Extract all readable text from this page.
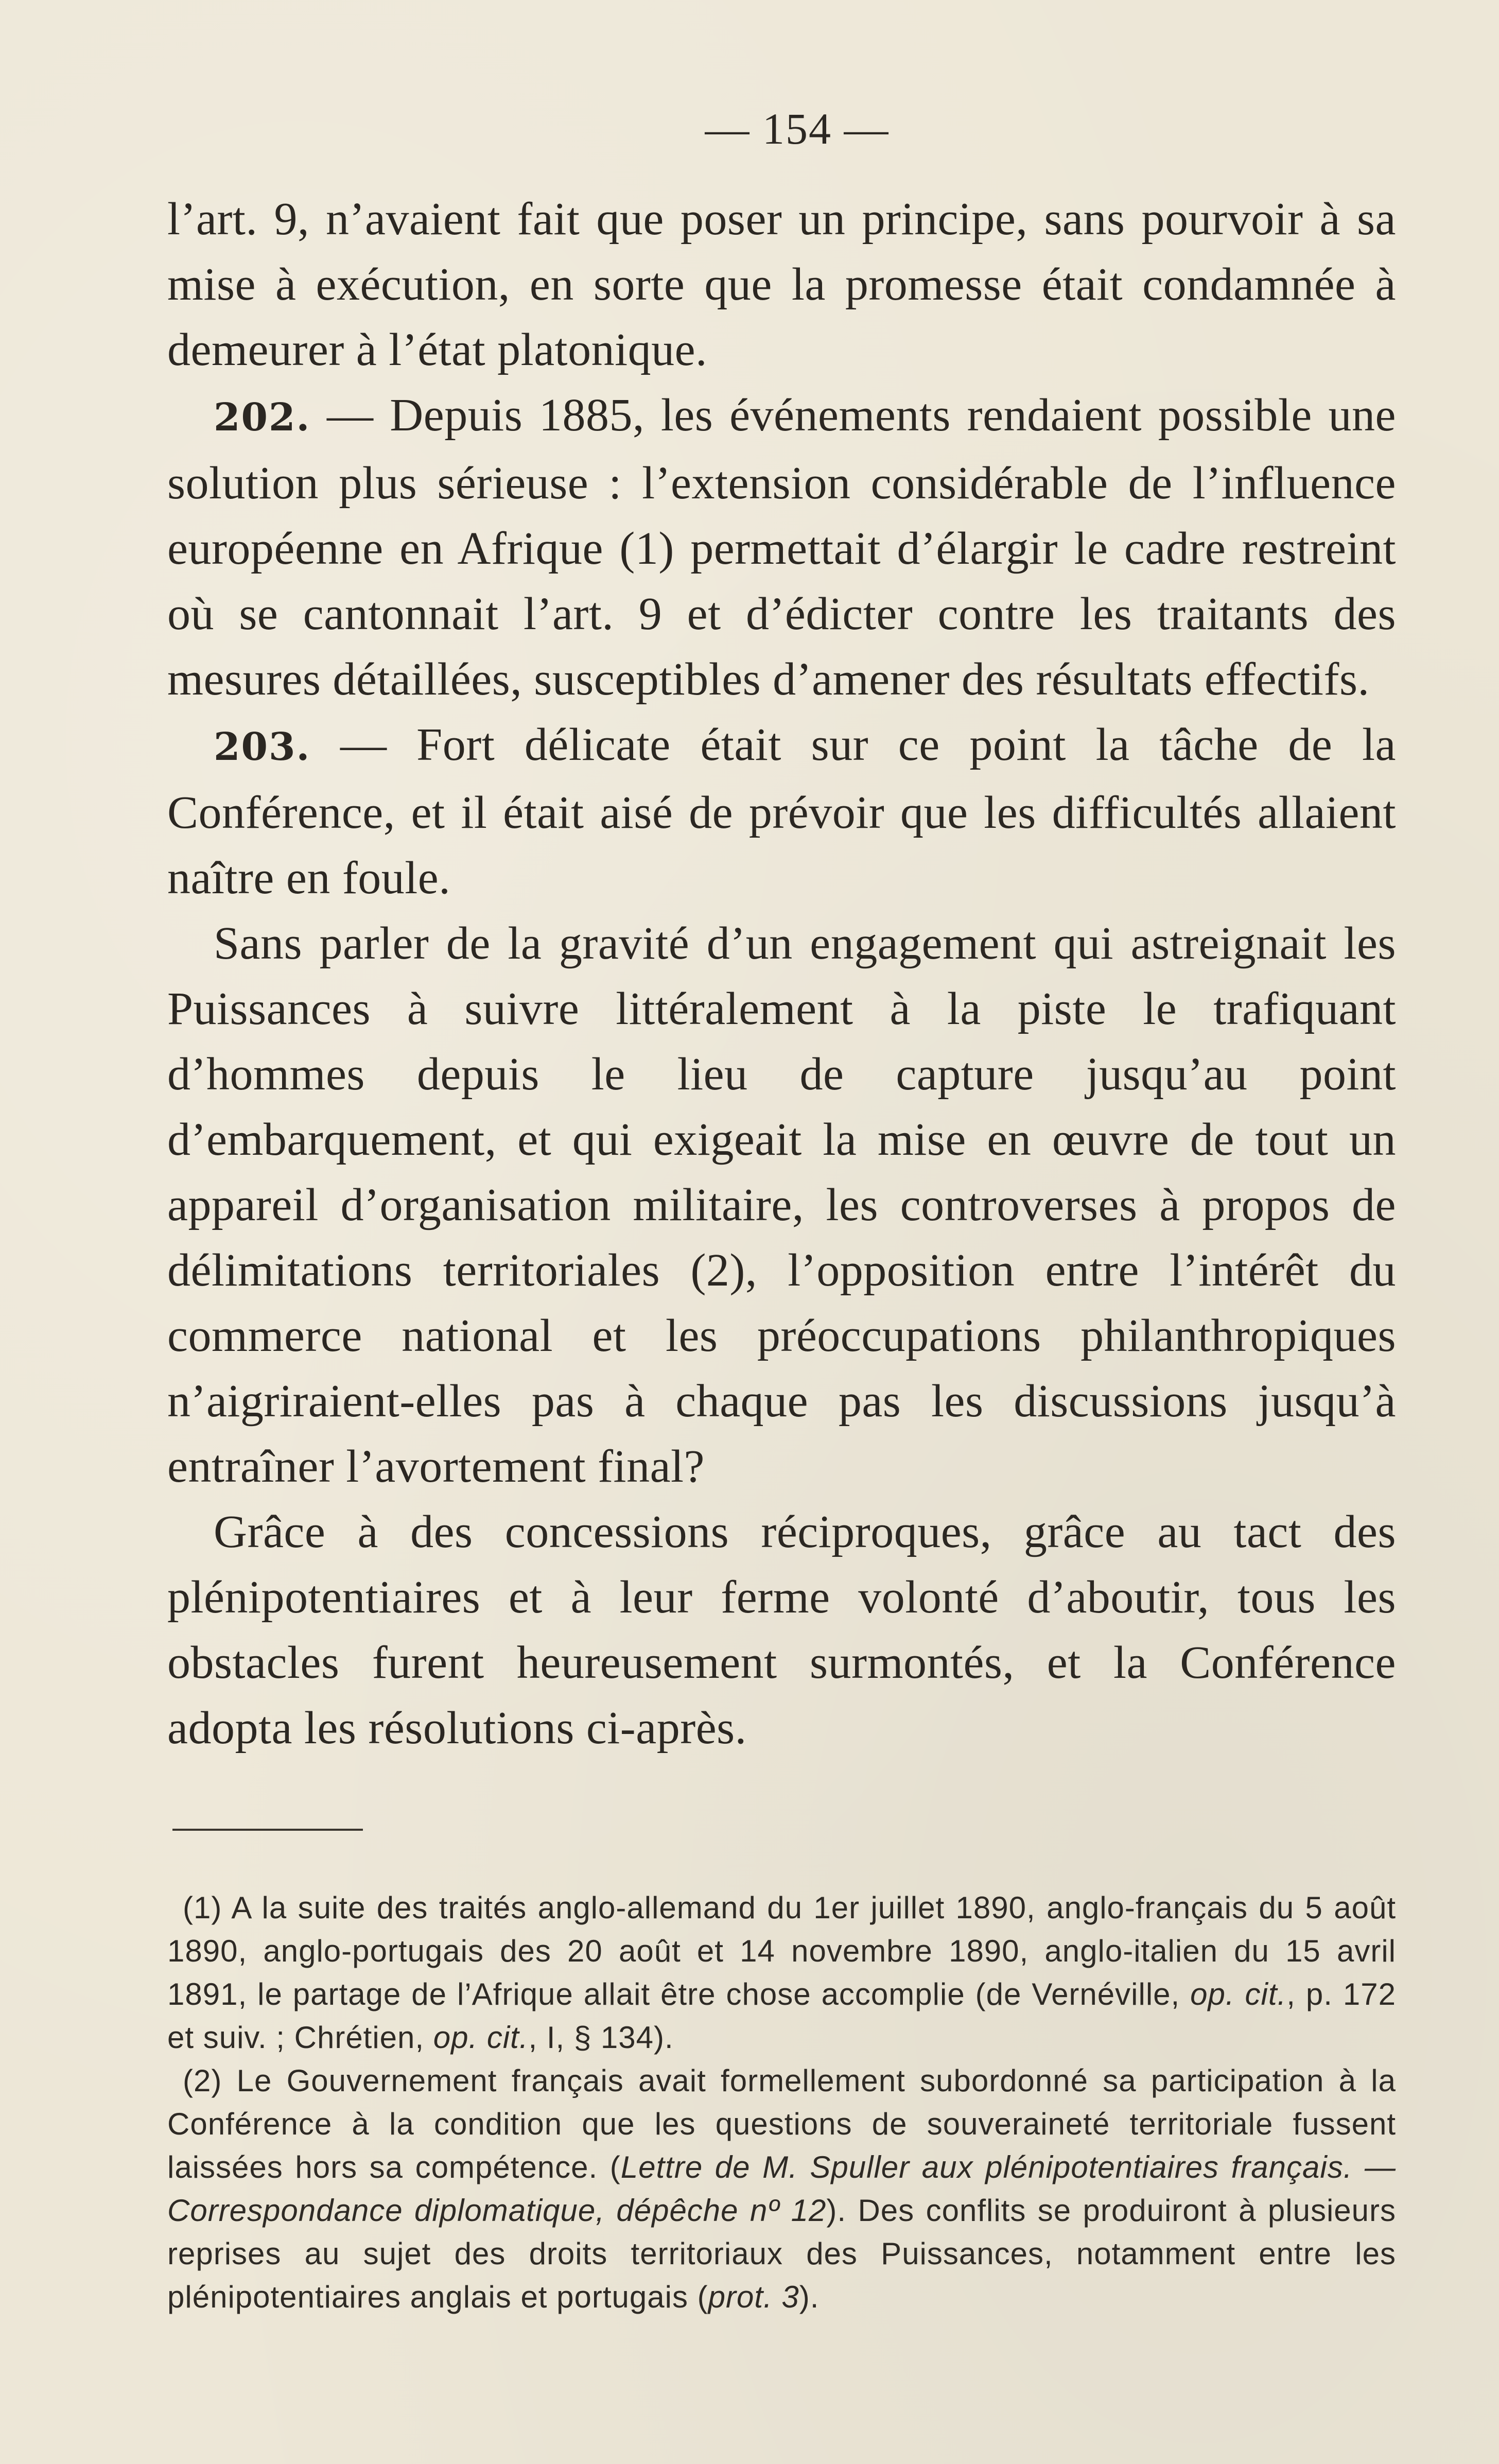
— 154 —

l’art. 9, n’avaient fait que poser un principe, sans pourvoir à sa mise à exécution, en sorte que la promesse était condamnée à demeurer à l’état platonique.

202. — Depuis 1885, les événements rendaient possible une solution plus sérieuse : l’extension considérable de l’influence européenne en Afrique (1) permettait d’élargir le cadre restreint où se cantonnait l’art. 9 et d’édicter contre les traitants des mesures détaillées, susceptibles d’amener des résultats effectifs.

203. — Fort délicate était sur ce point la tâche de la Conférence, et il était aisé de prévoir que les difficultés allaient naître en foule.

Sans parler de la gravité d’un engagement qui astreignait les Puissances à suivre littéralement à la piste le trafiquant d’hommes depuis le lieu de capture jusqu’au point d’embarquement, et qui exigeait la mise en œuvre de tout un appareil d’organisation militaire, les controverses à propos de délimitations territoriales (2), l’opposition entre l’intérêt du commerce national et les préoccupations philanthropiques n’aigriraient-elles pas à chaque pas les discussions jusqu’à entraîner l’avortement final?

Grâce à des concessions réciproques, grâce au tact des plénipotentiaires et à leur ferme volonté d’aboutir, tous les obstacles furent heureusement surmontés, et la Conférence adopta les résolutions ci-après.

(1) A la suite des traités anglo-allemand du 1er juillet 1890, anglo-français du 5 août 1890, anglo-portugais des 20 août et 14 novembre 1890, anglo-italien du 15 avril 1891, le partage de l’Afrique allait être chose accomplie (de Vernéville, op. cit., p. 172 et suiv. ; Chrétien, op. cit., I, § 134).

(2) Le Gouvernement français avait formellement subordonné sa participation à la Conférence à la condition que les questions de souveraineté territoriale fussent laissées hors sa compétence. (Lettre de M. Spuller aux plénipotentiaires français. — Correspondance diplomatique, dépêche nº 12). Des conflits se produiront à plusieurs reprises au sujet des droits territoriaux des Puissances, notamment entre les plénipotentiaires anglais et portugais (prot. 3).
